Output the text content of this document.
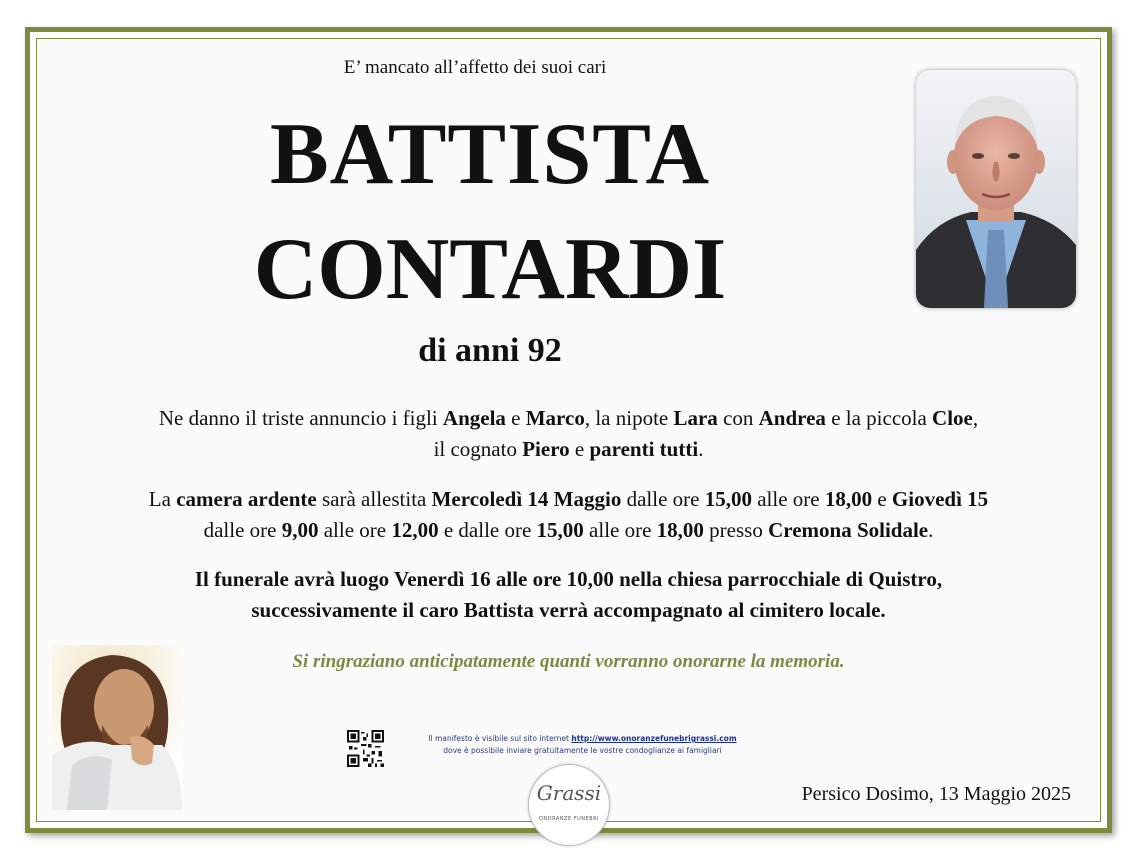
E’ mancato all’affetto dei suoi cari
BATTISTA
CONTARDI
di anni 92
Ne danno il triste annuncio i figli Angela e Marco, la nipote Lara con Andrea e la piccola Cloe,
il cognato Piero e parenti tutti.
La camera ardente sarà allestita Mercoledì 14 Maggio dalle ore 15,00 alle ore 18,00 e Giovedì 15
dalle ore 9,00 alle ore 12,00 e dalle ore 15,00 alle ore 18,00 presso Cremona Solidale.
Il funerale avrà luogo Venerdì 16 alle ore 10,00 nella chiesa parrocchiale di Quistro,
successivamente il caro Battista verrà accompagnato al cimitero locale.
Si ringraziano anticipatamente quanti vorranno onorarne la memoria.
Il manifesto è visibile sul sito internet http://www.onoranzefunebrigrassi.com
dove è possibile inviare gratuitamente le vostre condoglianze ai famigliari
Grassi
ONORANZE FUNEBRI
Persico Dosimo, 13 Maggio 2025
